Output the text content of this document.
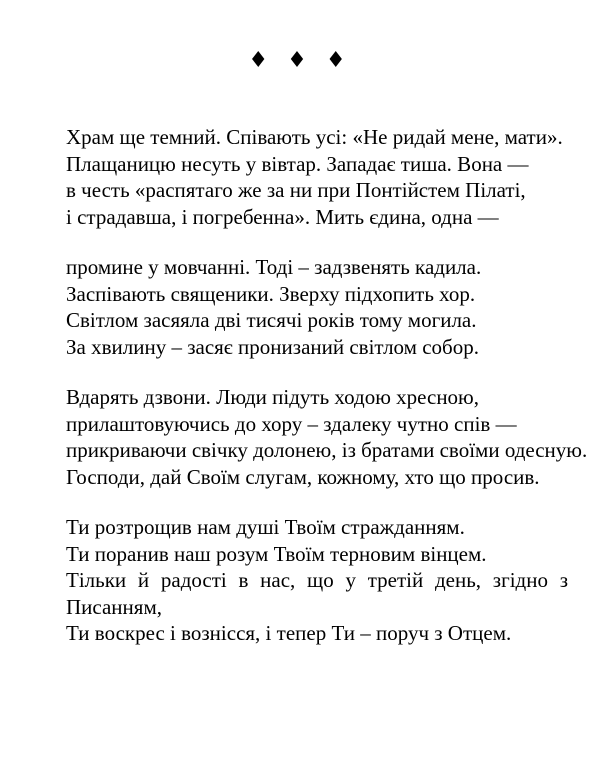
♦ ♦ ♦
Храм ще темний. Співають усі: «Не ридай мене, мати».
Плащаницю несуть у вівтар. Западає тиша. Вона —
в честь «распятаго же за ни при Понтійстем Пілаті,
і страдавша, і погребенна». Мить єдина, одна —
промине у мовчанні. Тоді – задзвенять кадила.
Заспівають священики. Зверху підхопить хор.
Світлом засяяла дві тисячі років тому могила.
За хвилину – засяє пронизаний світлом собор.
Вдарять дзвони. Люди підуть ходою хресною,
прилаштовуючись до хору – здалеку чутно спів —
прикриваючи свічку долонею, із братами своїми одесную.
Господи, дай Своїм слугам, кожному, хто що просив.
Ти розтрощив нам душі Твоїм стражданням.
Ти поранив наш розум Твоїм терновим вінцем.
Тільки й радості в нас, що у третій день, згідно з
Писанням,
Ти воскрес і вознісся, і тепер Ти – поруч з Отцем.
